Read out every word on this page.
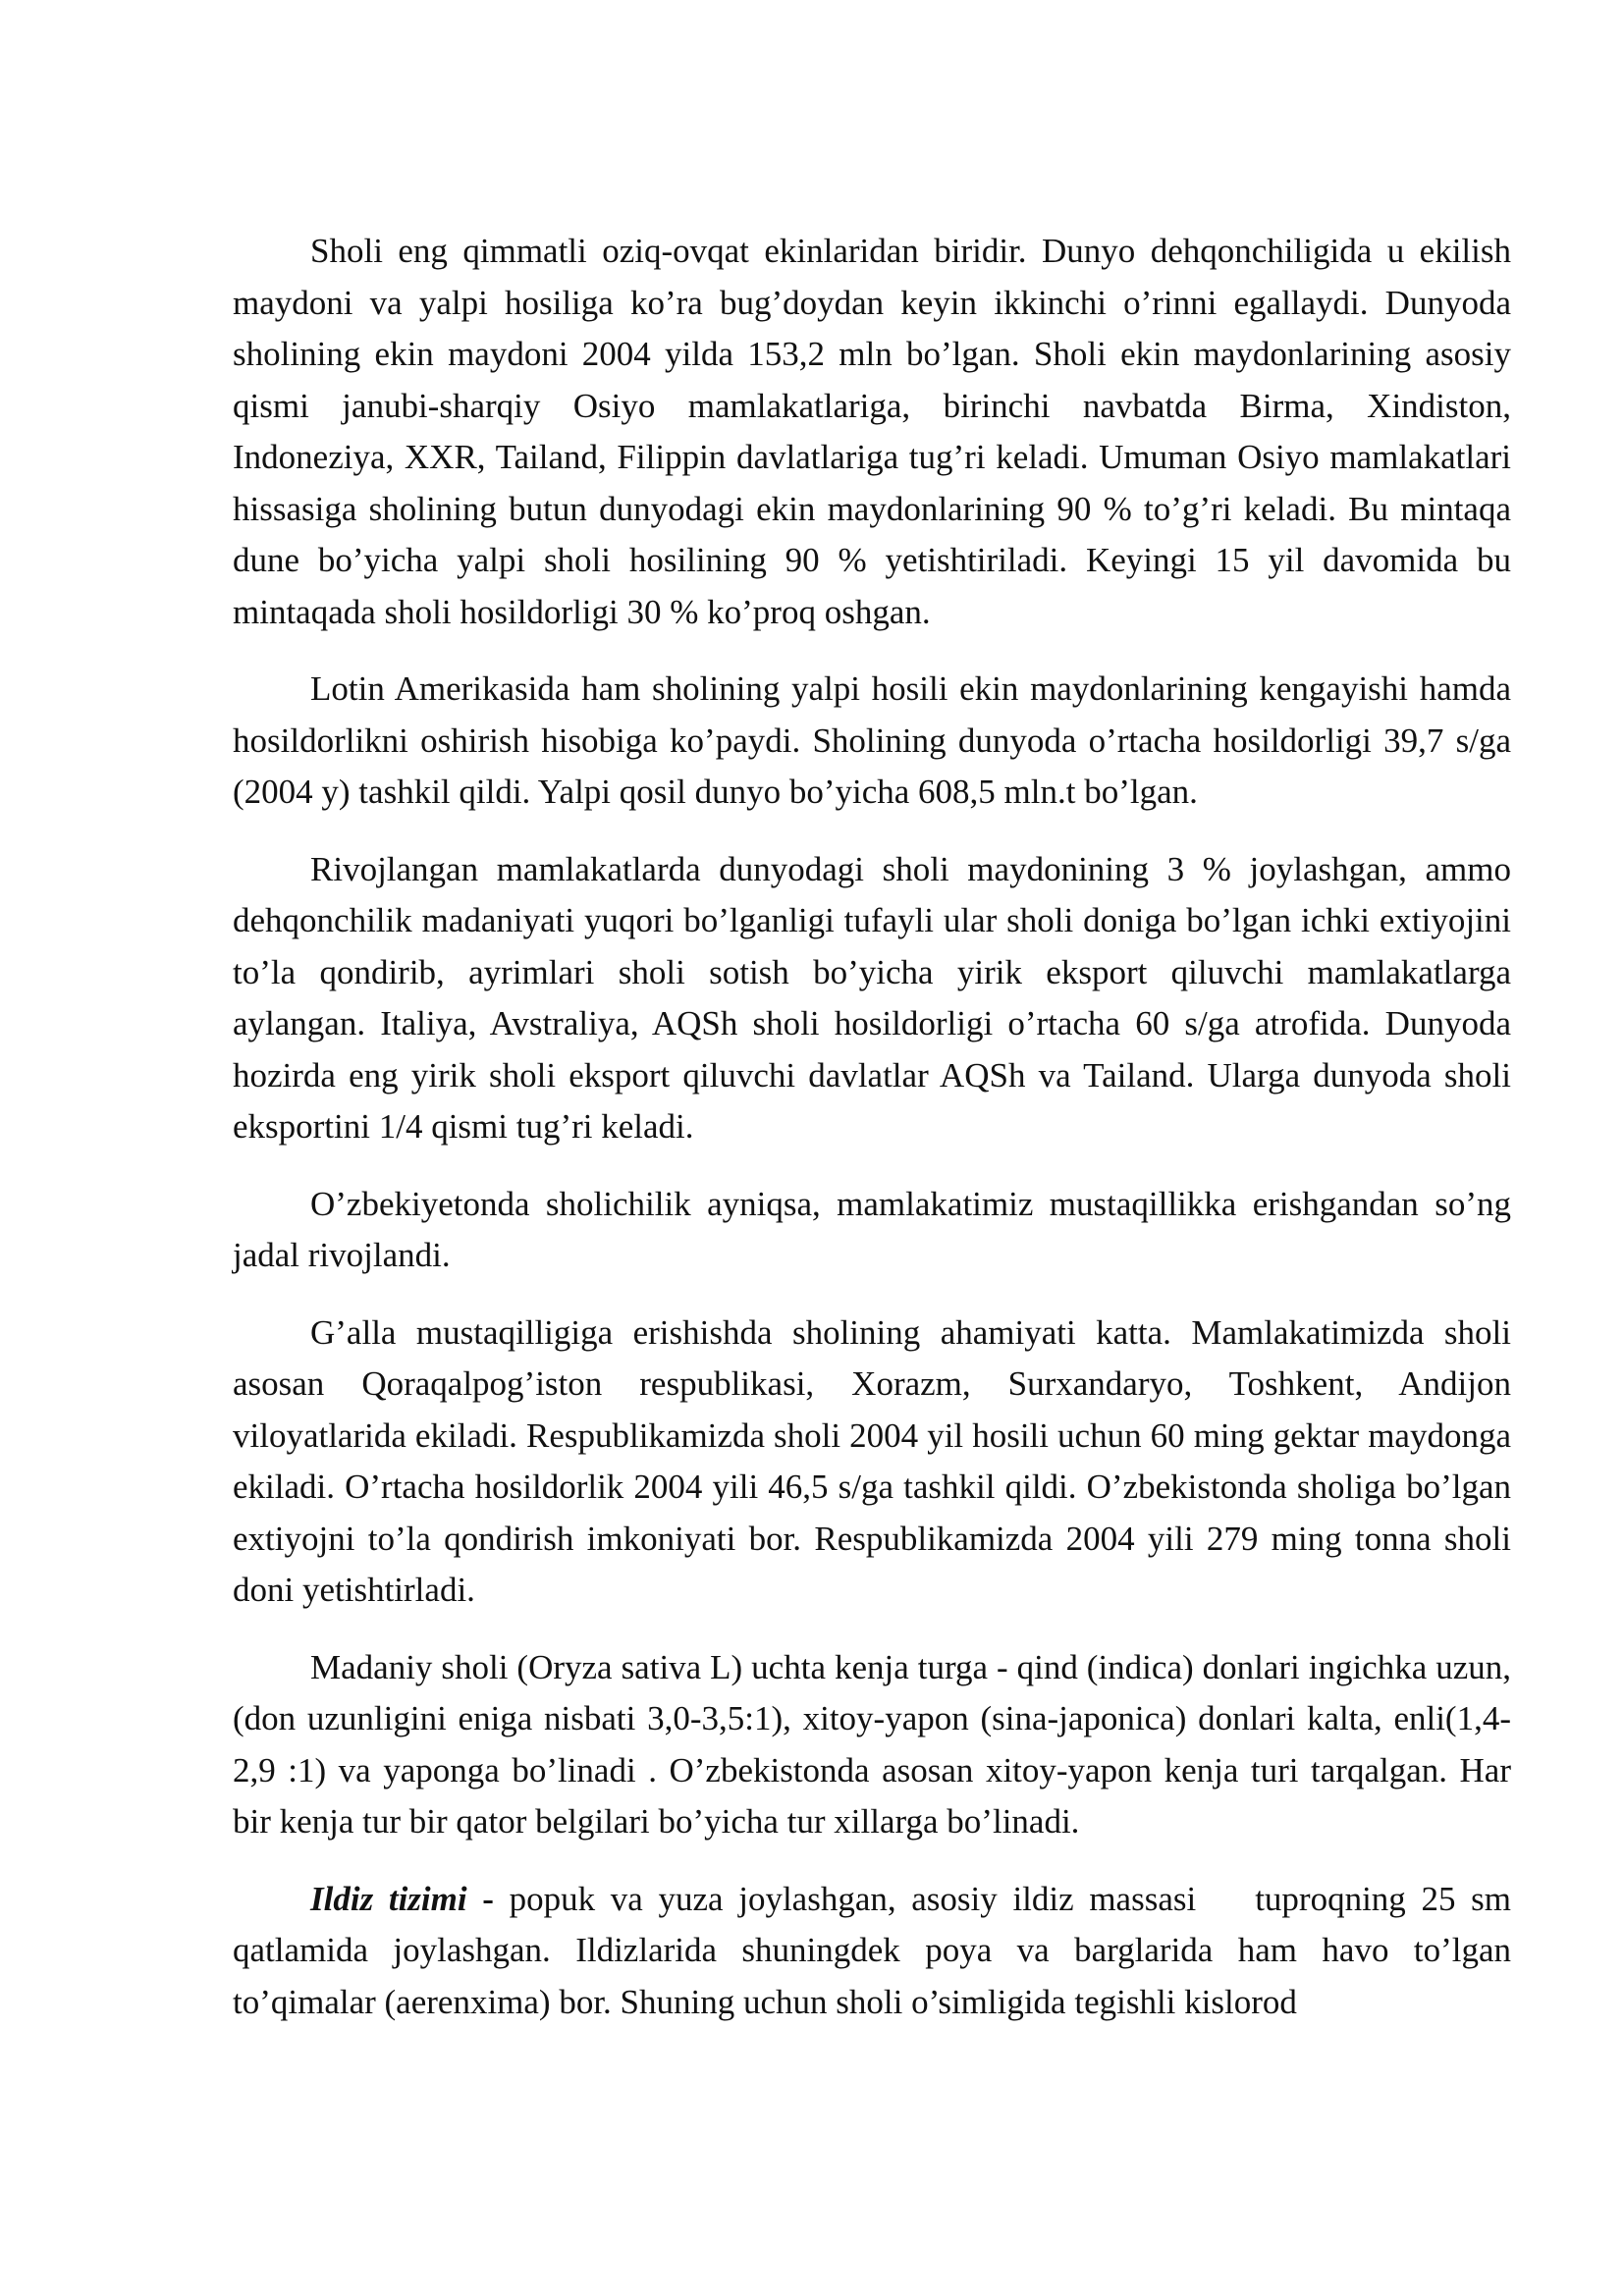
Sholi eng qimmatli oziq-ovqat ekinlaridan biridir. Dunyo dehqonchiligida u ekilish maydoni va yalpi hosiliga ko’ra bug’doydan keyin ikkinchi o’rinni egallaydi. Dunyoda sholining ekin maydoni 2004 yilda 153,2 mln bo’lgan. Sholi ekin maydonlarining asosiy qismi janubi-sharqiy Osiyo mamlakatlariga, birinchi navbatda Birma, Xindiston, Indoneziya, XXR, Tailand, Filippin davlatlariga tug’ri keladi. Umuman Osiyo mamlakatlari hissasiga sholining butun dunyodagi ekin maydonlarining 90 % to’g’ri keladi. Bu mintaqa dune bo’yicha yalpi sholi hosilining 90 % yetishtiriladi. Keyingi 15 yil davomida bu mintaqada sholi hosildorligi 30 % ko’proq oshgan.

Lotin Amerikasida ham sholining yalpi hosili ekin maydonlarining kengayishi hamda hosildorlikni oshirish hisobiga ko’paydi. Sholining dunyoda o’rtacha hosildorligi 39,7 s/ga (2004 y) tashkil qildi. Yalpi qosil dunyo bo’yicha 608,5 mln.t bo’lgan.

Rivojlangan mamlakatlarda dunyodagi sholi maydonining 3 % joylashgan, ammo dehqonchilik madaniyati yuqori bo’lganligi tufayli ular sholi doniga bo’lgan ichki extiyojini to’la qondirib, ayrimlari sholi sotish bo’yicha yirik eksport qiluvchi mamlakatlarga aylangan. Italiya, Avstraliya, AQSh sholi hosildorligi o’rtacha 60 s/ga atrofida. Dunyoda hozirda eng yirik sholi eksport qiluvchi davlatlar AQSh va Tailand. Ularga dunyoda sholi eksportini 1/4 qismi tug’ri keladi.

O’zbekiyetonda sholichilik ayniqsa, mamlakatimiz mustaqillikka erishgandan so’ng jadal rivojlandi.

G’alla mustaqilligiga erishishda sholining ahamiyati katta. Mamlakatimizda sholi asosan Qoraqalpog’iston respublikasi, Xorazm, Surxandaryo, Toshkent, Andijon viloyatlarida ekiladi. Respublikamizda sholi 2004 yil hosili uchun 60 ming gektar maydonga ekiladi. O’rtacha hosildorlik 2004 yili 46,5 s/ga tashkil qildi. O’zbekistonda sholiga bo’lgan extiyojni to’la qondirish imkoniyati bor. Respublikamizda 2004 yili 279 ming tonna sholi doni yetishtirladi.

Madaniy sholi (Oryza sativa L) uchta kenja turga - qind (indica) donlari ingichka uzun,(don uzunligini eniga nisbati 3,0-3,5:1), xitoy-yapon (sina-japonica) donlari kalta, enli(1,4-2,9 :1) va yaponga bo’linadi . O’zbekistonda asosan xitoy-yapon kenja turi tarqalgan. Har bir kenja tur bir qator belgilari bo’yicha tur xillarga bo’linadi.

Ildiz tizimi - popuk va yuza joylashgan, asosiy ildiz massasi tuproqning 25 sm qatlamida joylashgan. Ildizlarida shuningdek poya va barglarida ham havo to’lgan to’qimalar (aerenxima) bor. Shuning uchun sholi o’simligida tegishli kislorod
